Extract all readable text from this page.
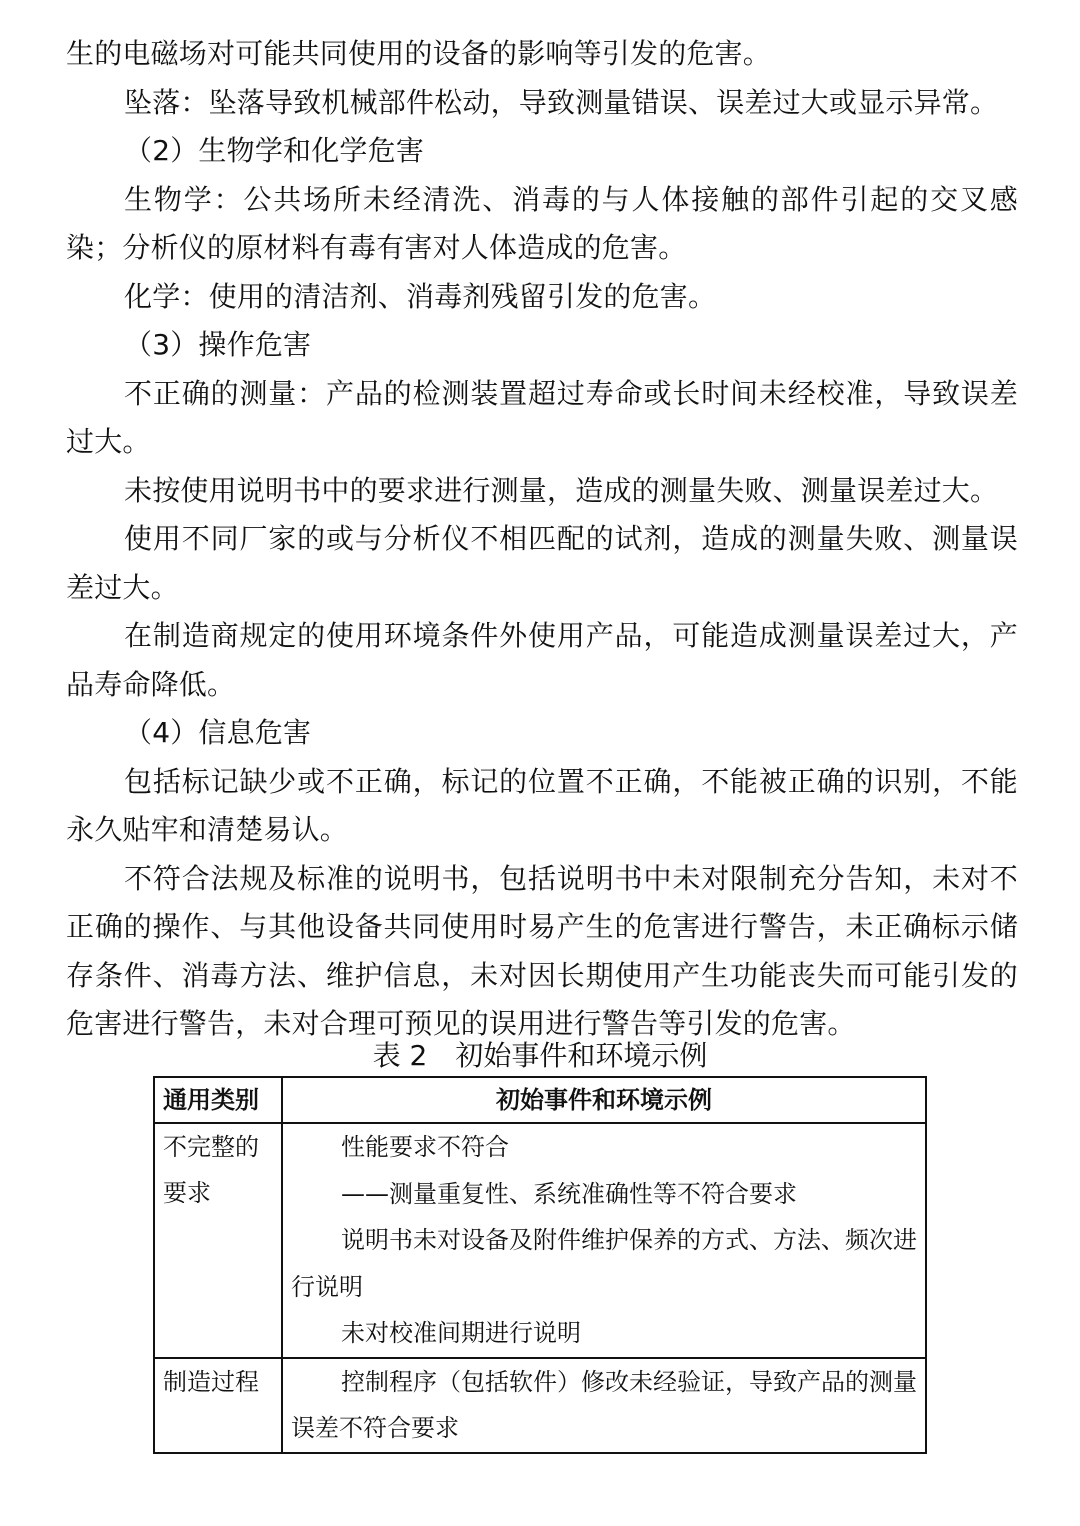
生的电磁场对可能共同使用的设备的影响等引发的危害。

坠落：坠落导致机械部件松动，导致测量错误、误差过大或显示异常。

（2）生物学和化学危害

生物学：公共场所未经清洗、消毒的与人体接触的部件引起的交叉感染；分析仪的原材料有毒有害对人体造成的危害。

化学：使用的清洁剂、消毒剂残留引发的危害。

（3）操作危害

不正确的测量：产品的检测装置超过寿命或长时间未经校准，导致误差过大。

未按使用说明书中的要求进行测量，造成的测量失败、测量误差过大。

使用不同厂家的或与分析仪不相匹配的试剂，造成的测量失败、测量误差过大。

在制造商规定的使用环境条件外使用产品，可能造成测量误差过大，产品寿命降低。

（4）信息危害

包括标记缺少或不正确，标记的位置不正确，不能被正确的识别，不能永久贴牢和清楚易认。

不符合法规及标准的说明书，包括说明书中未对限制充分告知，未对不正确的操作、与其他设备共同使用时易产生的危害进行警告，未正确标示储存条件、消毒方法、维护信息，未对因长期使用产生功能丧失而可能引发的危害进行警告，未对合理可预见的误用进行警告等引发的危害。

表 2　初始事件和环境示例
通用类别	初始事件和环境示例
不完整的要求	性能要求不符合
——测量重复性、系统准确性等不符合要求
说明书未对设备及附件维护保养的方式、方法、频次进行说明
未对校准间期进行说明

制造过程	控制程序（包括软件）修改未经验证，导致产品的测量误差不符合要求
